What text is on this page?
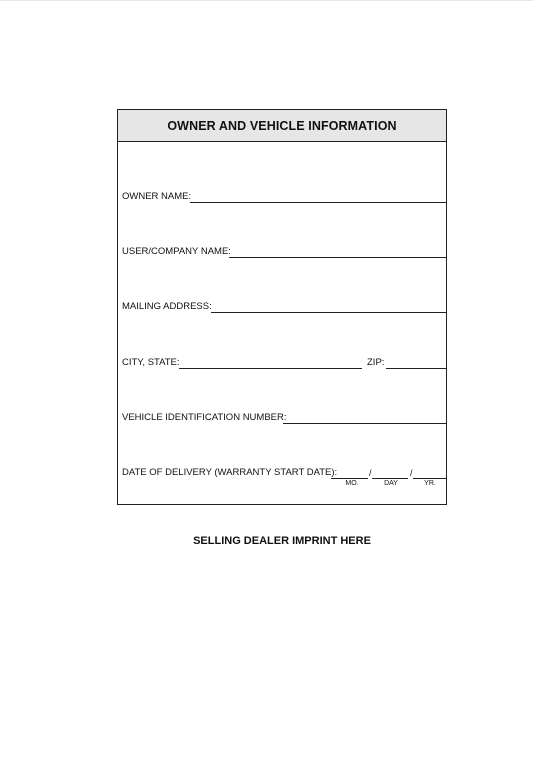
OWNER AND VEHICLE INFORMATION
OWNER NAME:
USER/COMPANY NAME:
MAILING ADDRESS:
CITY, STATE:	ZIP:
VEHICLE IDENTIFICATION NUMBER:
DATE OF DELIVERY (WARRANTY START DATE):	/	/
MO.	DAY	YR.
SELLING DEALER IMPRINT HERE
